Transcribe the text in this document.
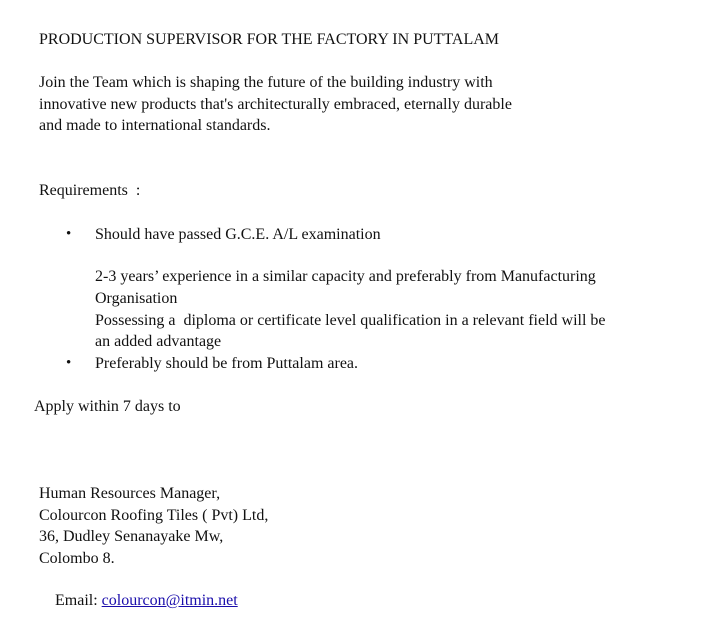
PRODUCTION SUPERVISOR FOR THE FACTORY IN PUTTALAM
Join the Team which is shaping the future of the building industry with
innovative new products that's architecturally embraced, eternally durable
and made to international standards.
Requirements  :
• Should have passed G.C.E. A/L examination
2-3 years’ experience in a similar capacity and preferably from Manufacturing
Organisation
Possessing a  diploma or certificate level qualification in a relevant field will be
an added advantage
• Preferably should be from Puttalam area.
Apply within 7 days to
Human Resources Manager,
Colourcon Roofing Tiles ( Pvt) Ltd,
36, Dudley Senanayake Mw,
Colombo 8.

Email: colourcon@itmin.net
